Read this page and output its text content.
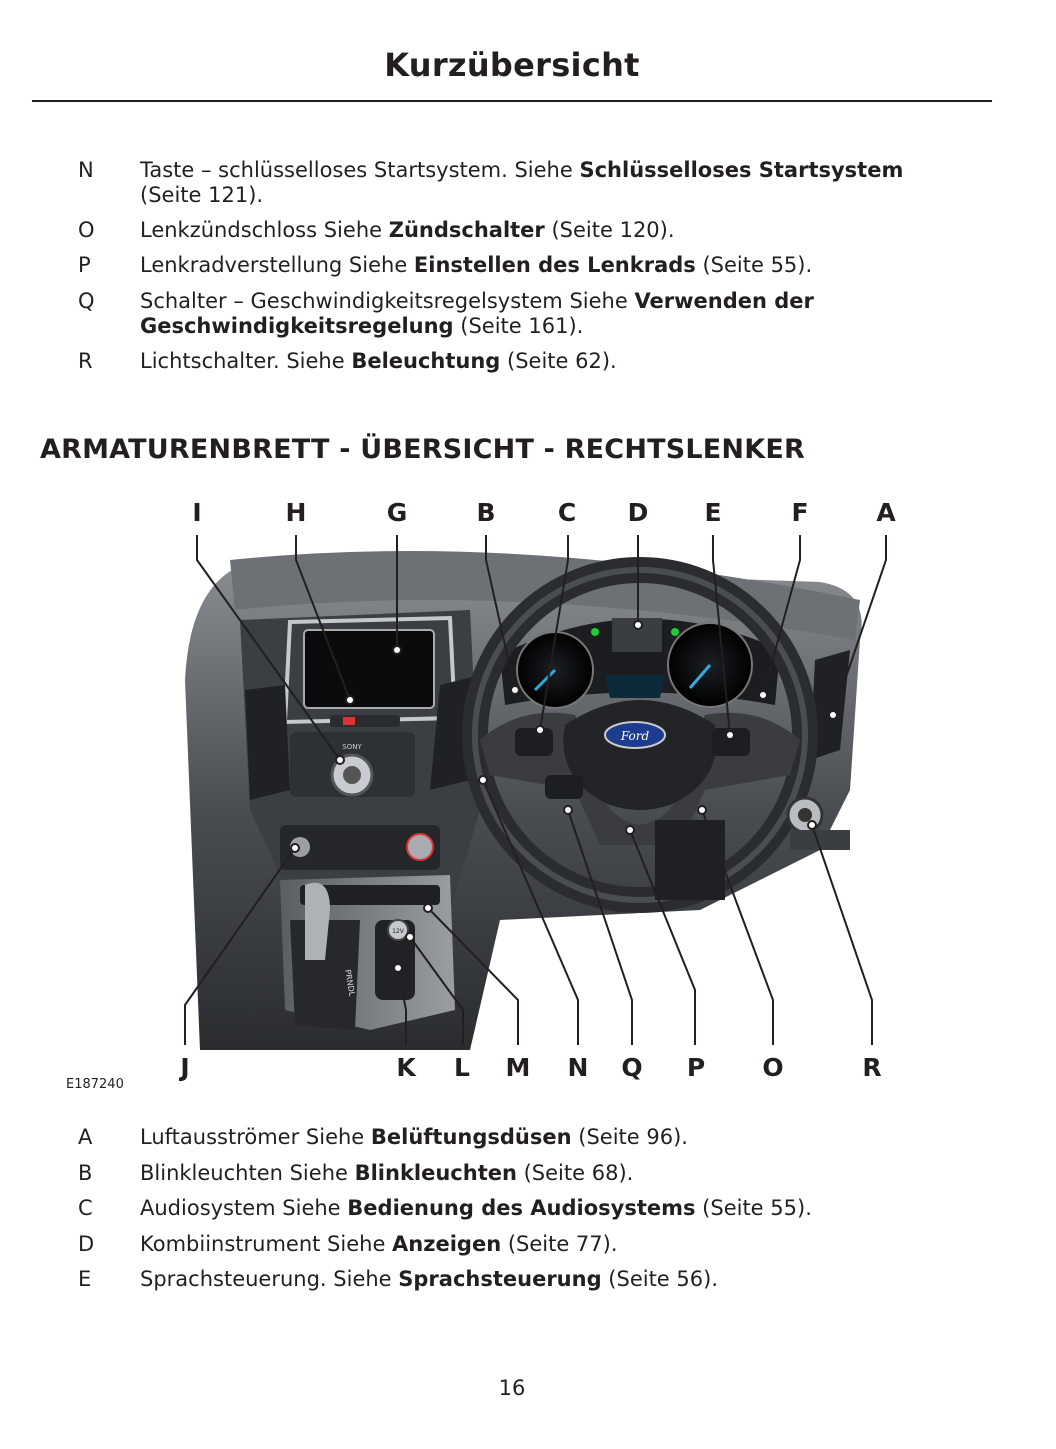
Kurzübersicht
N Taste – schlüsselloses Startsystem. Siehe Schlüsselloses Startsystem
(Seite 121).
O Lenkzündschloss Siehe Zündschalter (Seite 120).
P	Lenkradverstellung Siehe Einstellen des Lenkrads (Seite 55).
Q Schalter – Geschwindigkeitsregelsystem Siehe Verwenden der Geschwindigkeitsregelung (Seite 161).
R Lichtschalter. Siehe Beleuchtung (Seite 62).
ARMATURENBRETT - ÜBERSICHT - RECHTSLENKER
SONY
PRNDL
12V
Ford
I	H	G	B C D E	F	A
J	K L M N Q P O	R
E187240
A Luftausströmer Siehe Belüftungsdüsen (Seite 96).
B Blinkleuchten Siehe Blinkleuchten (Seite 68).
C Audiosystem Siehe Bedienung des Audiosystems (Seite 55).
D Kombiinstrument Siehe Anzeigen (Seite 77).
E	Sprachsteuerung. Siehe Sprachsteuerung (Seite 56).
16
